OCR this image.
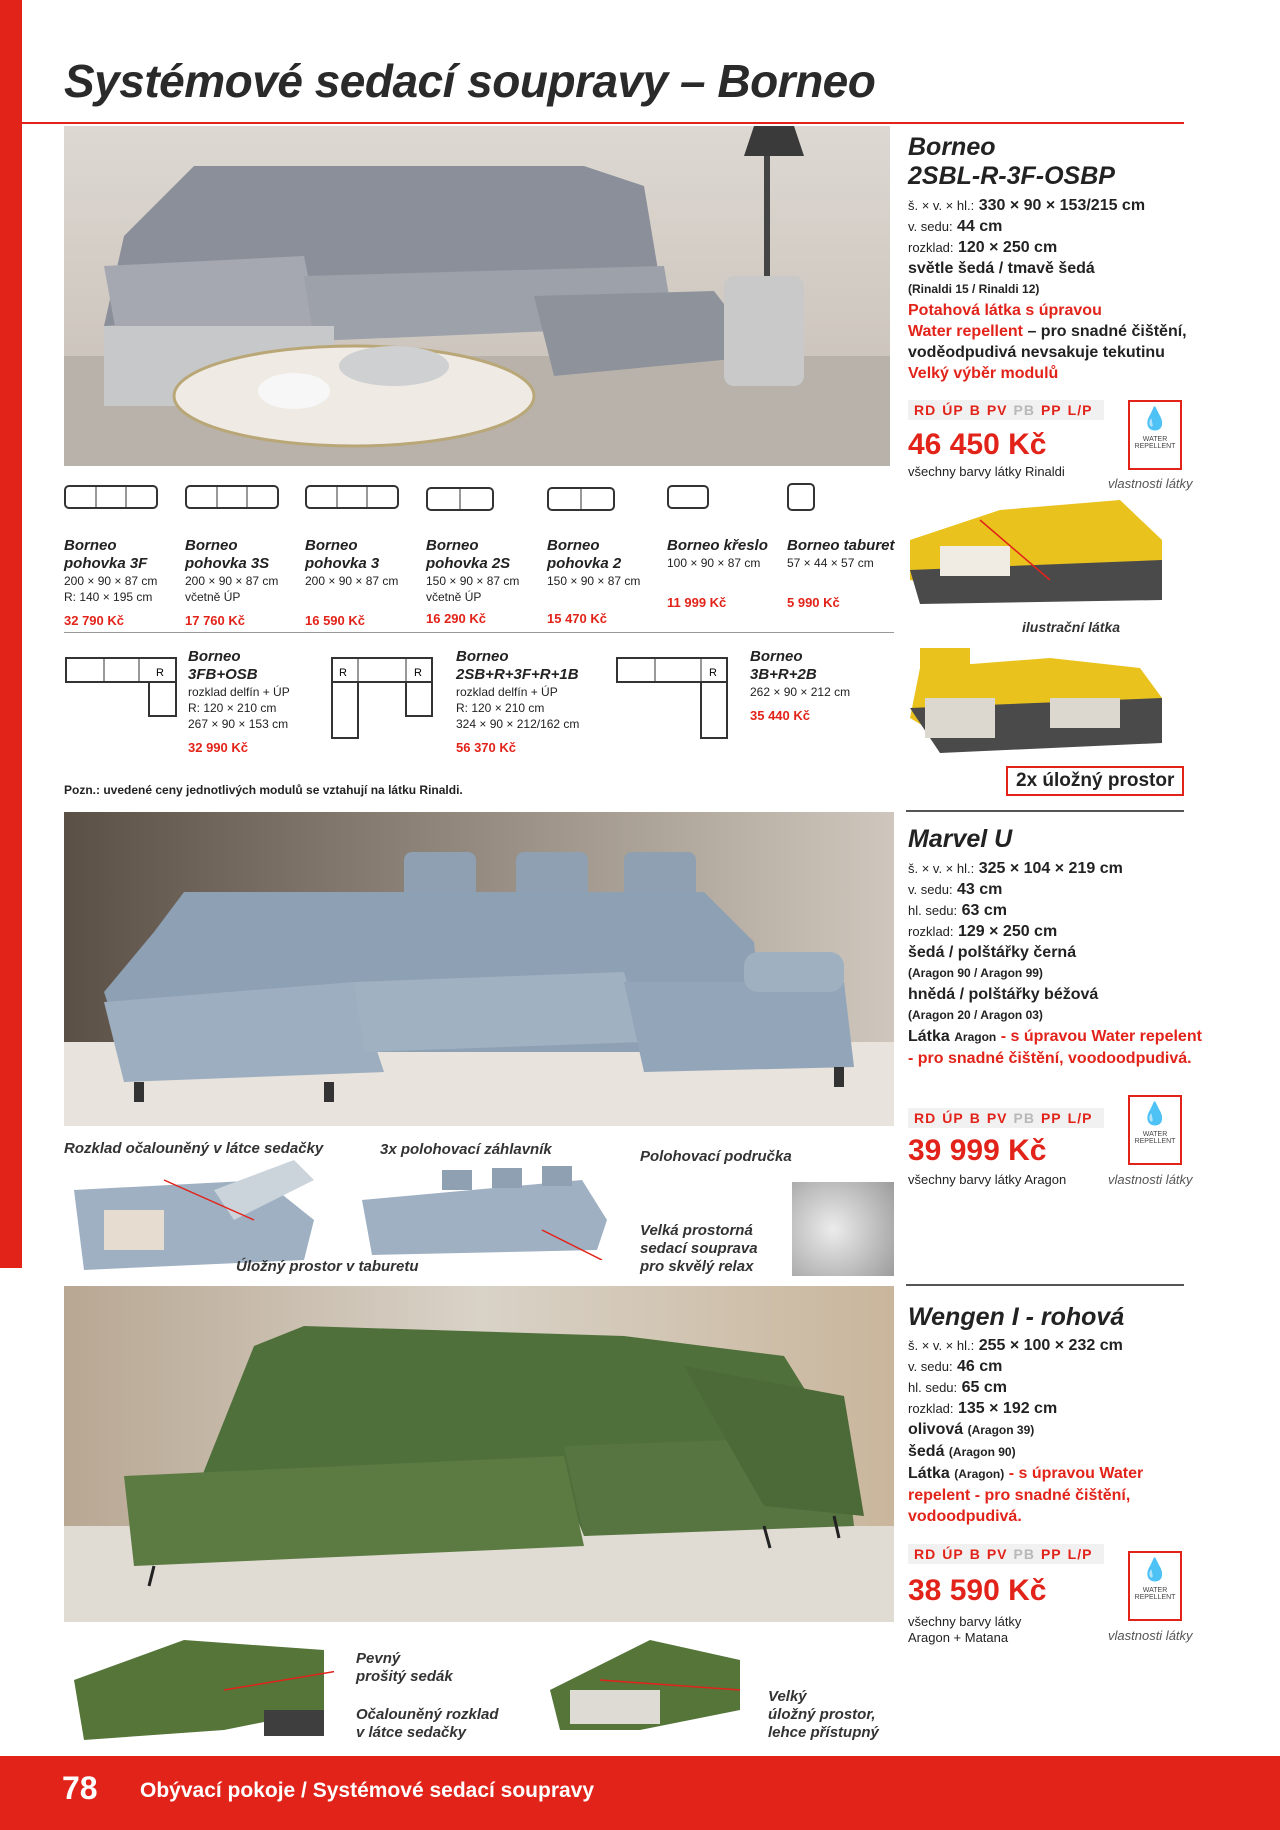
Systémové sedací soupravy – Borneo
Borneo
2SBL-R-3F-OSBP
š. × v. × hl.: 330 × 90 × 153/215 cm
v. sedu: 44 cm
rozklad: 120 × 250 cm
světle šedá / tmavě šedá
(Rinaldi 15 / Rinaldi 12)
Potahová látka s úpravou
Water repellent – pro snadné čištění,
voděodpudivá nevsakuje tekutinu
Velký výběr modulů
RD ÚP B PV PB PP L/P
46 450 Kč
všechny barvy látky Rinaldi
💧
WATER REPELLENT
vlastnosti látky
ilustrační látka
2x úložný prostor
Borneo pohovka 3F
200 × 90 × 87 cm
R: 140 × 195 cm
32 790 Kč
Borneo pohovka 3S
200 × 90 × 87 cm
včetně ÚP
17 760 Kč
Borneo pohovka 3
200 × 90 × 87 cm
16 590 Kč
Borneo pohovka 2S
150 × 90 × 87 cm
včetně ÚP
16 290 Kč
Borneo pohovka 2
150 × 90 × 87 cm
15 470 Kč
Borneo křeslo
100 × 90 × 87 cm
11 999 Kč
Borneo taburet
57 × 44 × 57 cm
5 990 Kč
R
Borneo
3FB+OSB
rozklad delfín + ÚP
R: 120 × 210 cm
267 × 90 × 153 cm
32 990 Kč
R	R
Borneo
2SB+R+3F+R+1B
rozklad delfín + ÚP
R: 120 × 210 cm
324 × 90 × 212/162 cm
56 370 Kč
R
Borneo
3B+R+2B
262 × 90 × 212 cm
35 440 Kč
Pozn.: uvedené ceny jednotlivých modulů se vztahují na látku Rinaldi.
Marvel U
š. × v. × hl.: 325 × 104 × 219 cm
v. sedu: 43 cm
hl. sedu: 63 cm
rozklad: 129 × 250 cm
šedá / polštářky černá
(Aragon 90 / Aragon 99)
hnědá / polštářky béžová
(Aragon 20 / Aragon 03)
Látka Aragon - s úpravou Water repelent
- pro snadné čištění, voodoodpudivá.
RD ÚP B PV PB PP L/P
39 999 Kč
všechny barvy látky Aragon
💧
WATER REPELLENT
vlastnosti látky
Rozklad očalouněný v látce sedačky	3x polohovací záhlavník	Polohovací područka
Úložný prostor v taburetu
Velká prostorná
sedací souprava
pro skvělý relax
Wengen I - rohová
š. × v. × hl.: 255 × 100 × 232 cm
v. sedu: 46 cm
hl. sedu: 65 cm
rozklad: 135 × 192 cm
olivová (Aragon 39)
šedá (Aragon 90)
Látka (Aragon) - s úpravou Water
repelent - pro snadné čištění,
vodoodpudivá.
RD ÚP B PV PB PP L/P
38 590 Kč
všechny barvy látky
Aragon + Matana
💧
WATER REPELLENT
vlastnosti látky
Pevný
prošitý sedák
Očalouněný rozklad
v látce sedačky
Velký
úložný prostor,
lehce přístupný
78 Obývací pokoje / Systémové sedací soupravy
